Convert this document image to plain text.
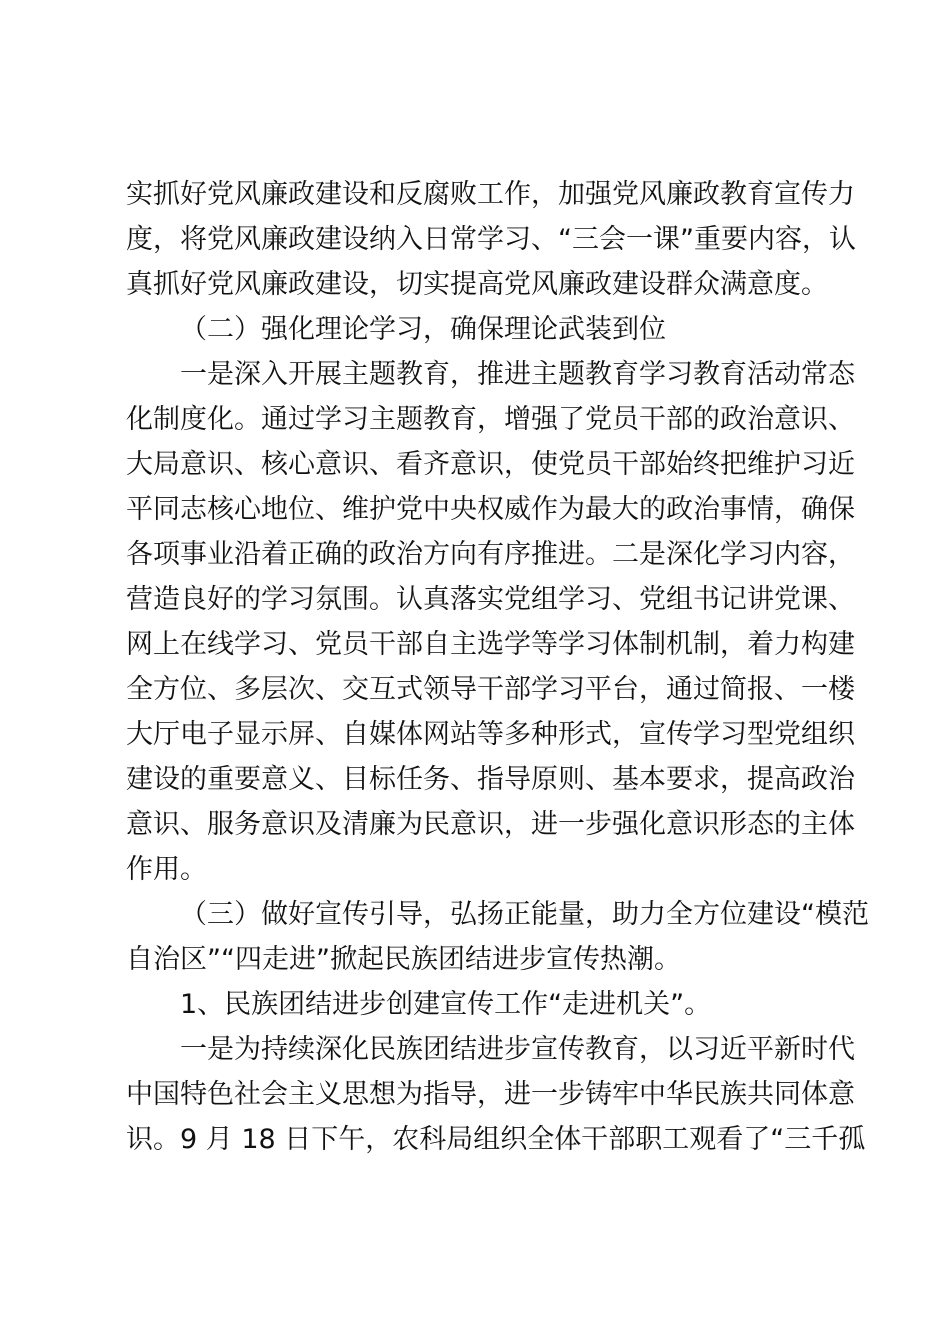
实抓好党风廉政建设和反腐败工作，加强党风廉政教育宣传力
度，将党风廉政建设纳入日常学习、“三会一课”重要内容，认
真抓好党风廉政建设，切实提高党风廉政建设群众满意度。
（二）强化理论学习，确保理论武装到位
一是深入开展主题教育，推进主题教育学习教育活动常态
化制度化。通过学习主题教育，增强了党员干部的政治意识、
大局意识、核心意识、看齐意识，使党员干部始终把维护习近
平同志核心地位、维护党中央权威作为最大的政治事情，确保
各项事业沿着正确的政治方向有序推进。二是深化学习内容，
营造良好的学习氛围。认真落实党组学习、党组书记讲党课、
网上在线学习、党员干部自主选学等学习体制机制，着力构建
全方位、多层次、交互式领导干部学习平台，通过简报、一楼
大厅电子显示屏、自媒体网站等多种形式，宣传学习型党组织
建设的重要意义、目标任务、指导原则、基本要求，提高政治
意识、服务意识及清廉为民意识，进一步强化意识形态的主体
作用。
（三）做好宣传引导，弘扬正能量，助力全方位建设“模范
自治区”“四走进”掀起民族团结进步宣传热潮。
1、民族团结进步创建宣传工作“走进机关”。
一是为持续深化民族团结进步宣传教育，以习近平新时代
中国特色社会主义思想为指导，进一步铸牢中华民族共同体意
识。9 月 18 日下午，农科局组织全体干部职工观看了“三千孤
